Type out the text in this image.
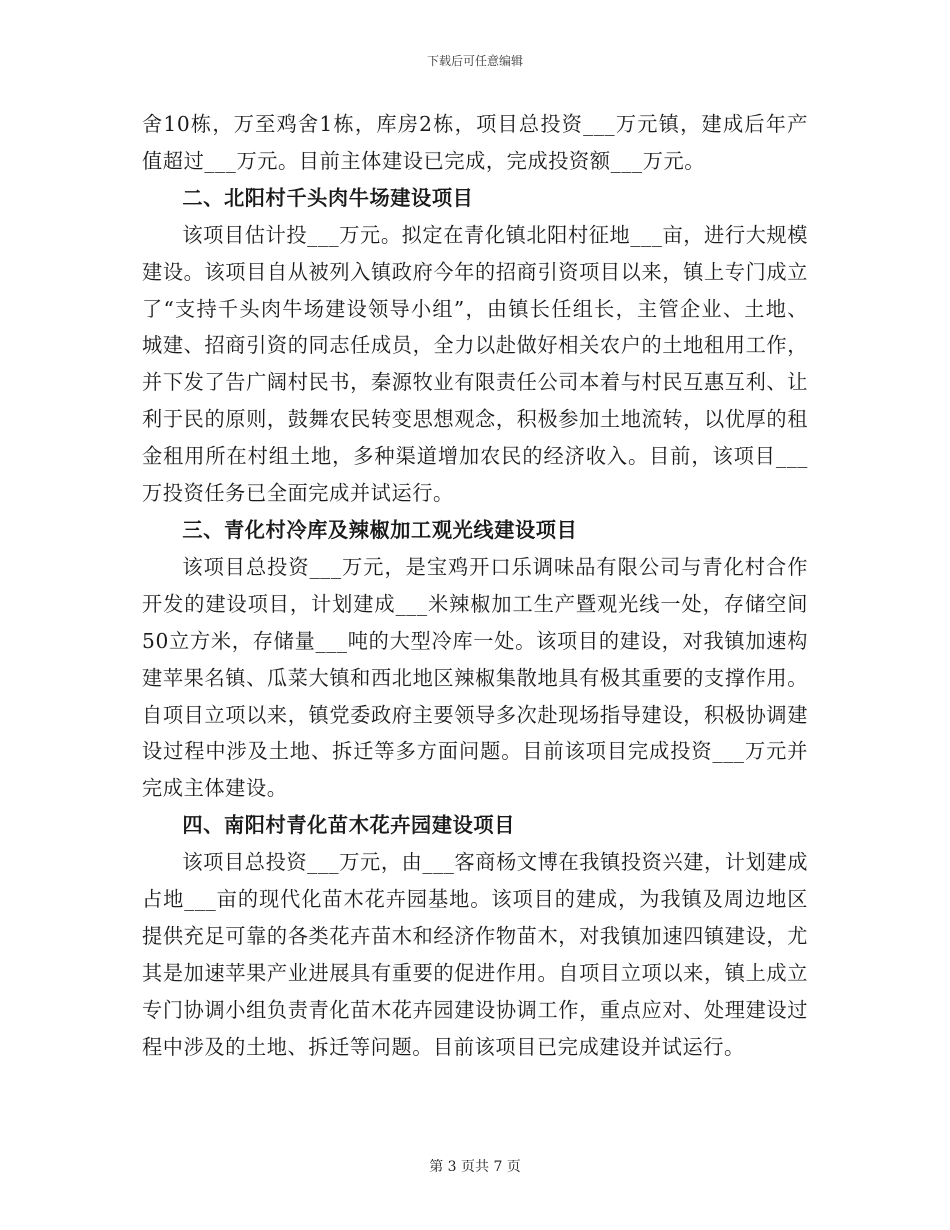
下载后可任意编辑

舍10栋，万至鸡舍1栋，库房2栋，项目总投资___万元镇，建成后年产值超过___万元。目前主体建设已完成，完成投资额___万元。

二、北阳村千头肉牛场建设项目

该项目估计投___万元。拟定在青化镇北阳村征地___亩，进行大规模建设。该项目自从被列入镇政府今年的招商引资项目以来，镇上专门成立了“支持千头肉牛场建设领导小组”，由镇长任组长，主管企业、土地、城建、招商引资的同志任成员，全力以赴做好相关农户的土地租用工作，并下发了告广阔村民书，秦源牧业有限责任公司本着与村民互惠互利、让利于民的原则，鼓舞农民转变思想观念，积极参加土地流转，以优厚的租金租用所在村组土地，多种渠道增加农民的经济收入。目前，该项目___万投资任务已全面完成并试运行。

三、青化村冷库及辣椒加工观光线建设项目

该项目总投资___万元，是宝鸡开口乐调味品有限公司与青化村合作开发的建设项目，计划建成___米辣椒加工生产暨观光线一处，存储空间50立方米，存储量___吨的大型冷库一处。该项目的建设，对我镇加速构建苹果名镇、瓜菜大镇和西北地区辣椒集散地具有极其重要的支撑作用。自项目立项以来，镇党委政府主要领导多次赴现场指导建设，积极协调建设过程中涉及土地、拆迁等多方面问题。目前该项目完成投资___万元并完成主体建设。

四、南阳村青化苗木花卉园建设项目

该项目总投资___万元，由___客商杨文博在我镇投资兴建，计划建成占地___亩的现代化苗木花卉园基地。该项目的建成，为我镇及周边地区提供充足可靠的各类花卉苗木和经济作物苗木，对我镇加速四镇建设，尤其是加速苹果产业进展具有重要的促进作用。自项目立项以来，镇上成立专门协调小组负责青化苗木花卉园建设协调工作，重点应对、处理建设过程中涉及的土地、拆迁等问题。目前该项目已完成建设并试运行。

第 3 页共 7 页
